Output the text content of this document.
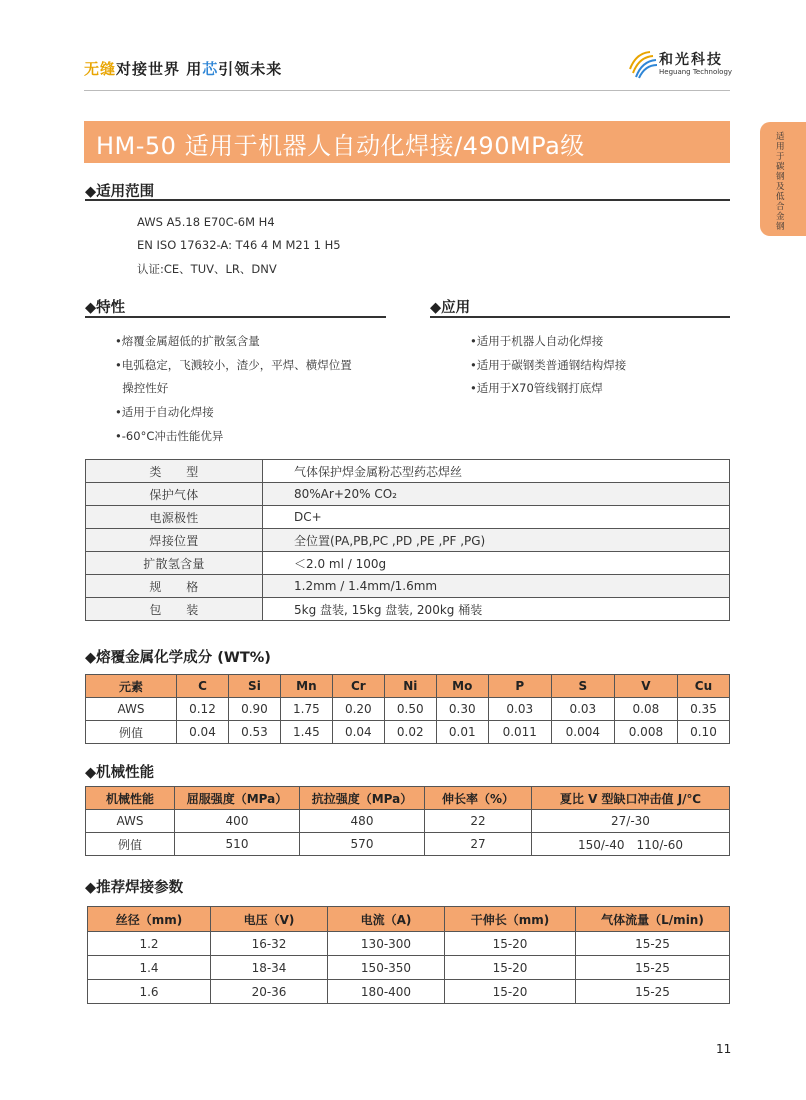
无缝对接世界 用芯引领未来	和光科技
Heguang Technology
适用于碳钢及低合金钢
HM-50 适用于机器人自动化焊接/490MPa级
◆适用范围
AWS A5.18 E70C-6M H4
EN ISO 17632-A: T46 4 M M21 1 H5
认证:CE、TUV、LR、DNV
◆特性
•熔覆金属超低的扩散氢含量
•电弧稳定，飞溅较小，渣少，平焊、横焊位置
操控性好
•适用于自动化焊接
•-60°C冲击性能优异
◆应用
•适用于机器人自动化焊接
•适用于碳钢类普通钢结构焊接
•适用于X70管线钢打底焊
类　　型	气体保护焊金属粉芯型药芯焊丝
保护气体	80%Ar+20% CO₂
电源极性	DC+
焊接位置	全位置(PA,PB,PC ,PD ,PE ,PF ,PG)
扩散氢含量	＜2.0 ml / 100g
规　　格	1.2mm / 1.4mm/1.6mm
包　　装	5kg 盘装, 15kg 盘装, 200kg 桶装
◆熔覆金属化学成分 (WT%)
元素	C	Si	Mn	Cr	Ni	Mo	P	S	V	Cu
AWS	0.12	0.90	1.75	0.20	0.50	0.30	0.03	0.03	0.08	0.35
例值	0.04	0.53	1.45	0.04	0.02	0.01	0.011	0.004	0.008	0.10
◆机械性能
机械性能	屈服强度（MPa）	抗拉强度（MPa）	伸长率（%）	夏比 V 型缺口冲击值 J/℃
AWS	400	480	22	27/-30
例值	510	570	27	150/-40　110/-60
◆推荐焊接参数
丝径（mm)	电压（V)	电流（A)	干伸长（mm)	气体流量（L/min)
1.2	16-32	130-300	15-20	15-25
1.4	18-34	150-350	15-20	15-25
1.6	20-36	180-400	15-20	15-25
11
